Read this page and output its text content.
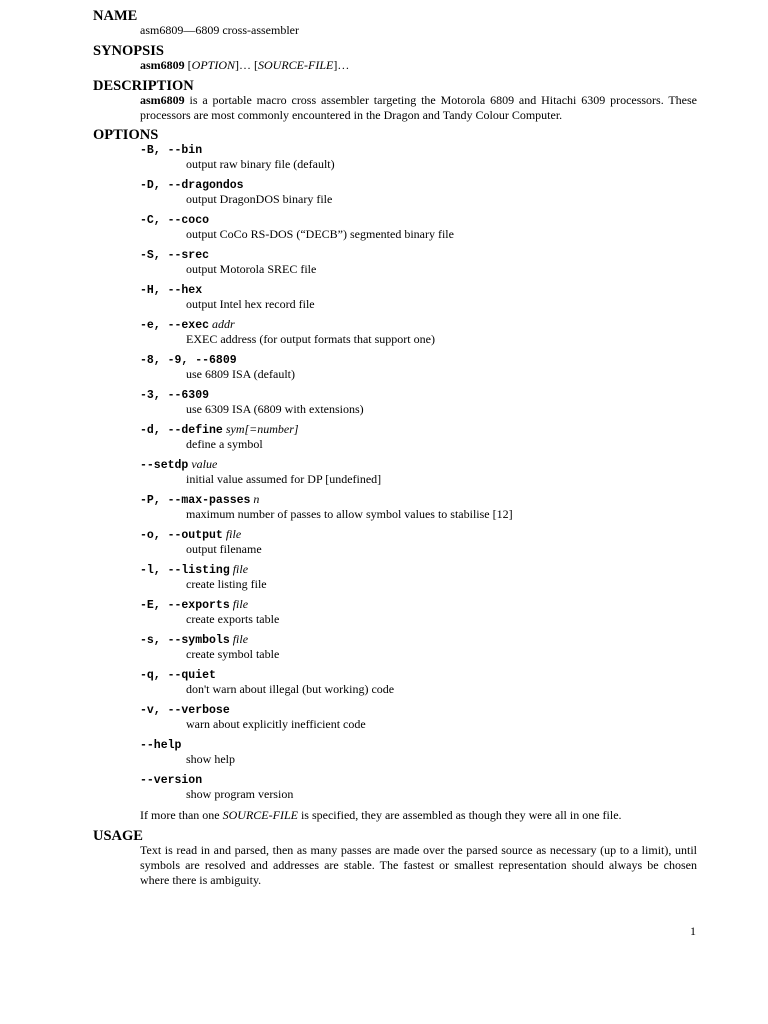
NAME
asm6809—6809 cross-assembler
SYNOPSIS
asm6809 [OPTION]… [SOURCE-FILE]…
DESCRIPTION
asm6809 is a portable macro cross assembler targeting the Motorola 6809 and Hitachi 6309 processors. These processors are most commonly encountered in the Dragon and Tandy Colour Computer.
OPTIONS
-B, --bin
output raw binary file (default)
-D, --dragondos
output DragonDOS binary file
-C, --coco
output CoCo RS-DOS (“DECB”) segmented binary file
-S, --srec
output Motorola SREC file
-H, --hex
output Intel hex record file
-e, --exec addr
EXEC address (for output formats that support one)
-8, -9, --6809
use 6809 ISA (default)
-3, --6309
use 6309 ISA (6809 with extensions)
-d, --define sym[=number]
define a symbol
--setdp value
initial value assumed for DP [undefined]
-P, --max-passes n
maximum number of passes to allow symbol values to stabilise [12]
-o, --output file
output filename
-l, --listing file
create listing file
-E, --exports file
create exports table
-s, --symbols file
create symbol table
-q, --quiet
don't warn about illegal (but working) code
-v, --verbose
warn about explicitly inefficient code
--help
show help
--version
show program version
If more than one SOURCE-FILE is specified, they are assembled as though they were all in one file.
USAGE
Text is read in and parsed, then as many passes are made over the parsed source as necessary (up to a limit), until symbols are resolved and addresses are stable. The fastest or smallest representation should always be chosen where there is ambiguity.
1
